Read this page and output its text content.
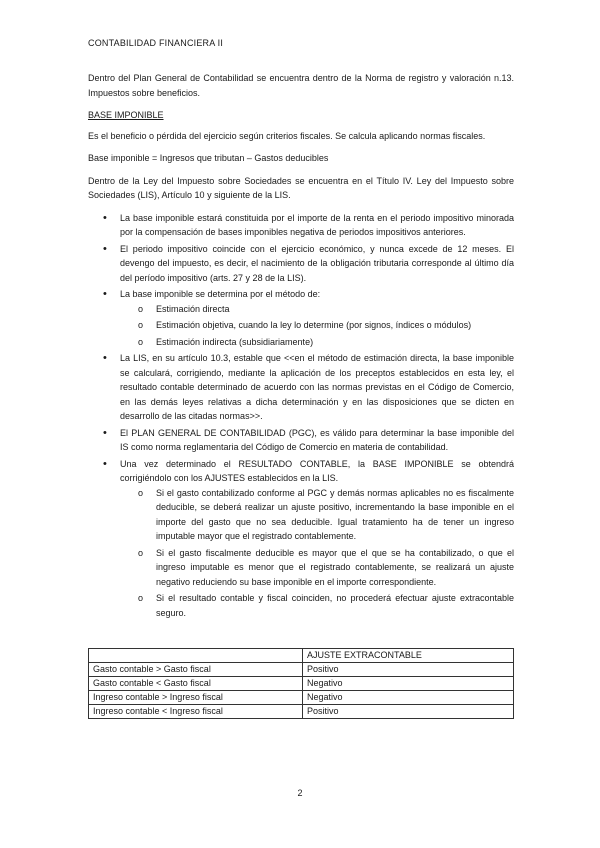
CONTABILIDAD FINANCIERA II

Dentro del Plan General de Contabilidad se encuentra dentro de la Norma de registro y valoración n.13. Impuestos sobre beneficios.

BASE IMPONIBLE

Es el beneficio o pérdida del ejercicio según criterios fiscales. Se calcula aplicando normas fiscales.

Base imponible = Ingresos que tributan – Gastos deducibles

Dentro de la Ley del Impuesto sobre Sociedades se encuentra en el Título IV. Ley del Impuesto sobre Sociedades (LIS), Artículo 10 y siguiente de la LIS.

• La base imponible estará constituida por el importe de la renta en el periodo impositivo minorada por la compensación de bases imponibles negativa de periodos impositivos anteriores.
• El periodo impositivo coincide con el ejercicio económico, y nunca excede de 12 meses. El devengo del impuesto, es decir, el nacimiento de la obligación tributaria corresponde al último día del período impositivo (arts. 27 y 28 de la LIS).
• La base imponible se determina por el método de:
o Estimación directa
o Estimación objetiva, cuando la ley lo determine (por signos, índices o módulos)
o Estimación indirecta (subsidiariamente)
• La LIS, en su artículo 10.3, estable que <<en el método de estimación directa, la base imponible se calculará, corrigiendo, mediante la aplicación de los preceptos establecidos en esta ley, el resultado contable determinado de acuerdo con las normas previstas en el Código de Comercio, en las demás leyes relativas a dicha determinación y en las disposiciones que se dicten en desarrollo de las citadas normas>>.
• El PLAN GENERAL DE CONTABILIDAD (PGC), es válido para determinar la base imponible del IS como norma reglamentaria del Código de Comercio en materia de contabilidad.
• Una vez determinado el RESULTADO CONTABLE, la BASE IMPONIBLE se obtendrá corrigiéndolo con los AJUSTES establecidos en la LIS.
o Si el gasto contabilizado conforme al PGC y demás normas aplicables no es fiscalmente deducible, se deberá realizar un ajuste positivo, incrementando la base imponible en el importe del gasto que no sea deducible. Igual tratamiento ha de tener un ingreso imputable mayor que el registrado contablemente.
o Si el gasto fiscalmente deducible es mayor que el que se ha contabilizado, o que el ingreso imputable es menor que el registrado contablemente, se realizará un ajuste negativo reduciendo su base imponible en el importe correspondiente.
o Si el resultado contable y fiscal coinciden, no procederá efectuar ajuste extracontable seguro.
	AJUSTE EXTRACONTABLE
Gasto contable > Gasto fiscal	Positivo
Gasto contable < Gasto fiscal	Negativo
Ingreso contable > Ingreso fiscal	Negativo
Ingreso contable < Ingreso fiscal	Positivo
2
